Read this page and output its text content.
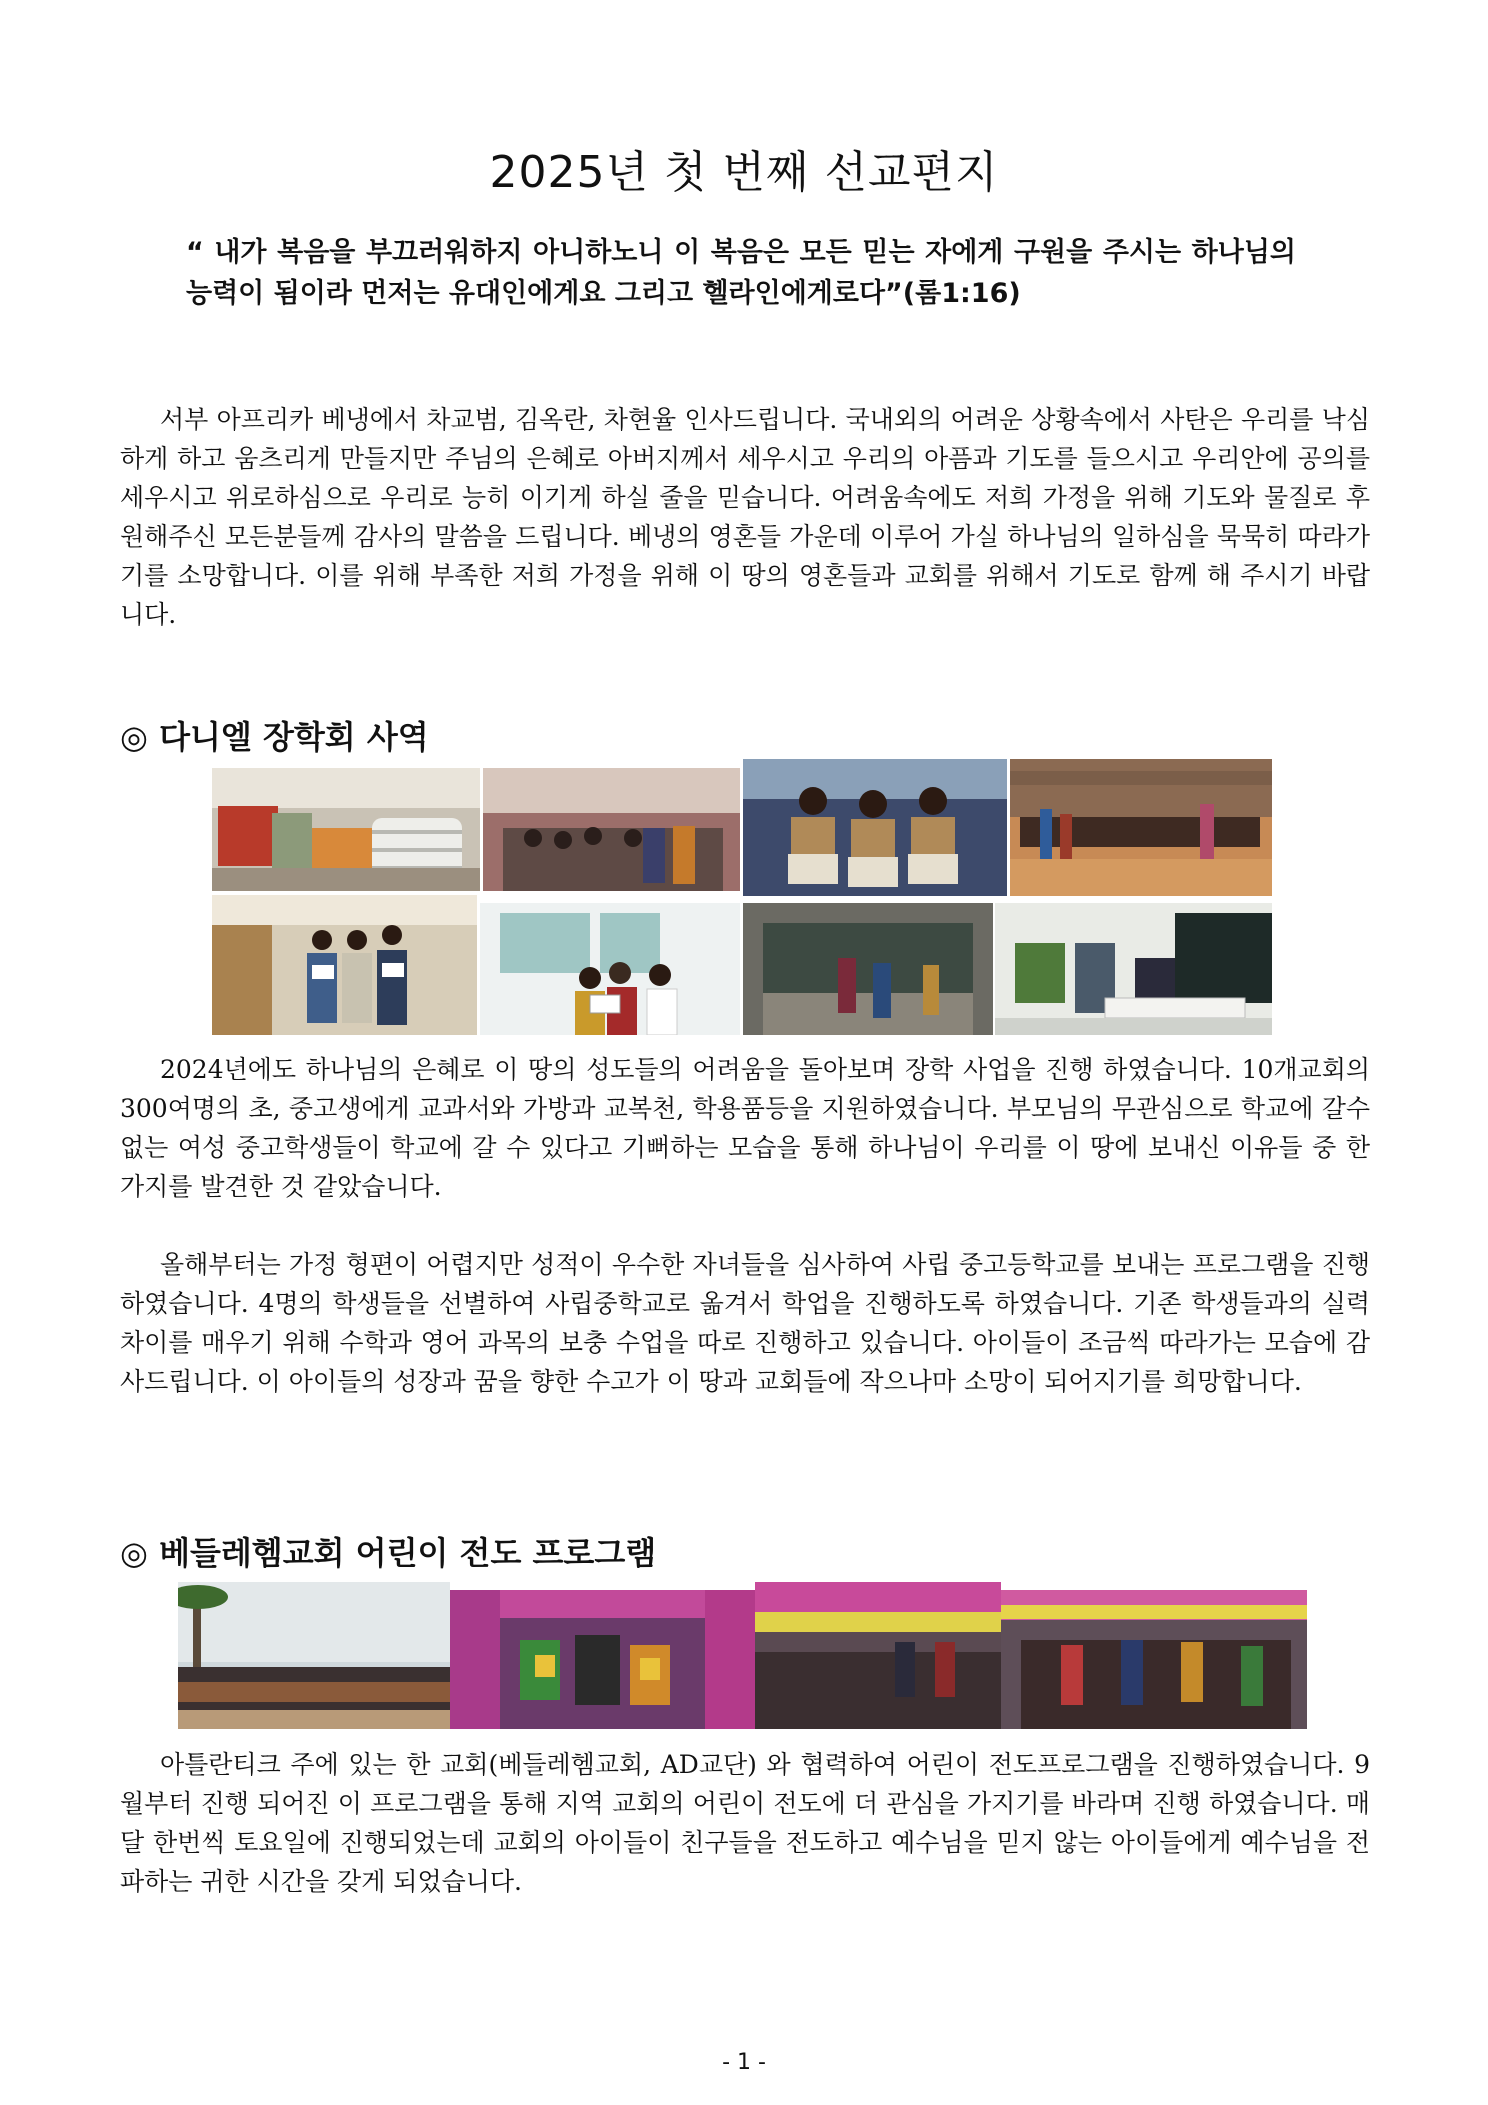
2025년 첫 번째 선교편지
“ 내가 복음을 부끄러워하지 아니하노니 이 복음은 모든 믿는 자에게 구원을 주시는 하나님의 능력이 됨이라 먼저는 유대인에게요 그리고 헬라인에게로다”(롬1:16)
서부 아프리카 베냉에서 차교범, 김옥란, 차현율 인사드립니다. 국내외의 어려운 상황속에서 사탄은 우리를 낙심하게 하고 움츠리게 만들지만 주님의 은혜로 아버지께서 세우시고 우리의 아픔과 기도를 들으시고 우리안에 공의를 세우시고 위로하심으로 우리로 능히 이기게 하실 줄을 믿습니다. 어려움속에도 저희 가정을 위해 기도와 물질로 후원해주신 모든분들께 감사의 말씀을 드립니다. 베냉의 영혼들 가운데 이루어 가실 하나님의 일하심을 묵묵히 따라가기를 소망합니다. 이를 위해 부족한 저희 가정을 위해 이 땅의 영혼들과 교회를 위해서 기도로 함께 해 주시기 바랍니다.
◎ 다니엘 장학회 사역
2024년에도 하나님의 은혜로 이 땅의 성도들의 어려움을 돌아보며 장학 사업을 진행 하였습니다. 10개교회의 300여명의 초, 중고생에게 교과서와 가방과 교복천, 학용품등을 지원하였습니다. 부모님의 무관심으로 학교에 갈수 없는 여성 중고학생들이 학교에 갈 수 있다고 기뻐하는 모습을 통해 하나님이 우리를 이 땅에 보내신 이유들 중 한 가지를 발견한 것 같았습니다.
올해부터는 가정 형편이 어렵지만 성적이 우수한 자녀들을 심사하여 사립 중고등학교를 보내는 프로그램을 진행하였습니다. 4명의 학생들을 선별하여 사립중학교로 옮겨서 학업을 진행하도록 하였습니다. 기존 학생들과의 실력 차이를 매우기 위해 수학과 영어 과목의 보충 수업을 따로 진행하고 있습니다. 아이들이 조금씩 따라가는 모습에 감사드립니다. 이 아이들의 성장과 꿈을 향한 수고가 이 땅과 교회들에 작으나마 소망이 되어지기를 희망합니다.
◎ 베들레헴교회 어린이 전도 프로그램
아틀란티크 주에 있는 한 교회(베들레헴교회, AD교단) 와 협력하여 어린이 전도프로그램을 진행하였습니다. 9월부터 진행 되어진 이 프로그램을 통해 지역 교회의 어린이 전도에 더 관심을 가지기를 바라며 진행 하였습니다. 매달 한번씩 토요일에 진행되었는데 교회의 아이들이 친구들을 전도하고 예수님을 믿지 않는 아이들에게 예수님을 전파하는 귀한 시간을 갖게 되었습니다.
- 1 -
